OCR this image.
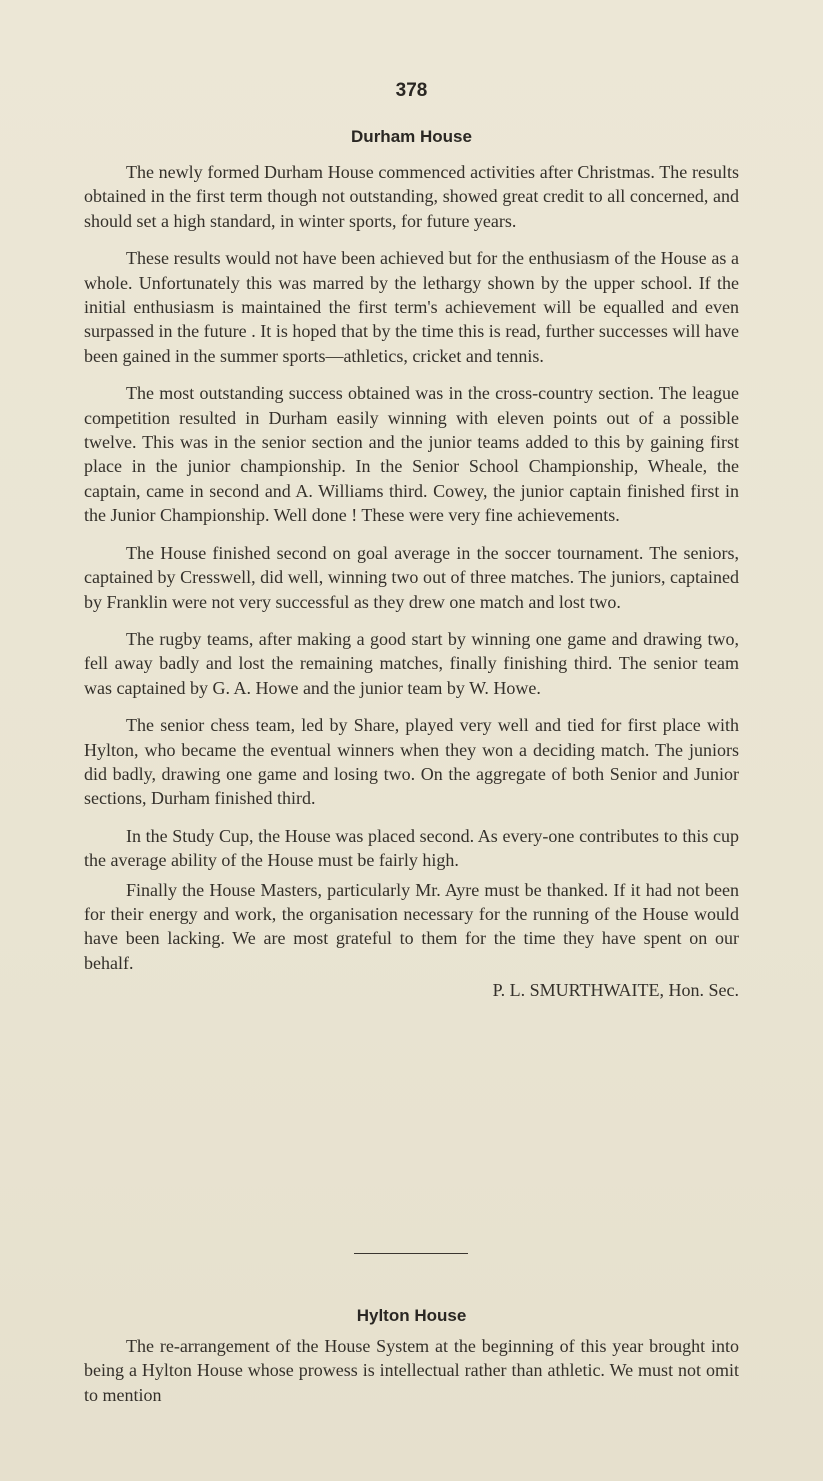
378
Durham House

The newly formed Durham House commenced activities after Christmas. The results obtained in the first term though not outstanding, showed great credit to all concerned, and should set a high standard, in winter sports, for future years.

These results would not have been achieved but for the enthusiasm of the House as a whole. Unfortunately this was marred by the lethargy shown by the upper school. If the initial enthusiasm is maintained the first term's achievement will be equalled and even surpassed in the future . It is hoped that by the time this is read, further successes will have been gained in the summer sports—athletics, cricket and tennis.

The most outstanding success obtained was in the cross-country section. The league competition resulted in Durham easily winning with eleven points out of a possible twelve. This was in the senior section and the junior teams added to this by gaining first place in the junior championship. In the Senior School Championship, Wheale, the captain, came in second and A. Williams third. Cowey, the junior captain finished first in the Junior Championship. Well done ! These were very fine achievements.

The House finished second on goal average in the soccer tournament. The seniors, captained by Cresswell, did well, winning two out of three matches. The juniors, captained by Franklin were not very successful as they drew one match and lost two.

The rugby teams, after making a good start by winning one game and drawing two, fell away badly and lost the remaining matches, finally finishing third. The senior team was captained by G. A. Howe and the junior team by W. Howe.

The senior chess team, led by Share, played very well and tied for first place with Hylton, who became the eventual winners when they won a deciding match. The juniors did badly, drawing one game and losing two. On the aggregate of both Senior and Junior sections, Durham finished third.

In the Study Cup, the House was placed second. As every-one contributes to this cup the average ability of the House must be fairly high.

Finally the House Masters, particularly Mr. Ayre must be thanked. If it had not been for their energy and work, the organisation necessary for the running of the House would have been lacking. We are most grateful to them for the time they have spent on our behalf.

P. L. SMURTHWAITE, Hon. Sec.
Hylton House

The re-arrangement of the House System at the beginning of this year brought into being a Hylton House whose prowess is intellectual rather than athletic. We must not omit to mention
